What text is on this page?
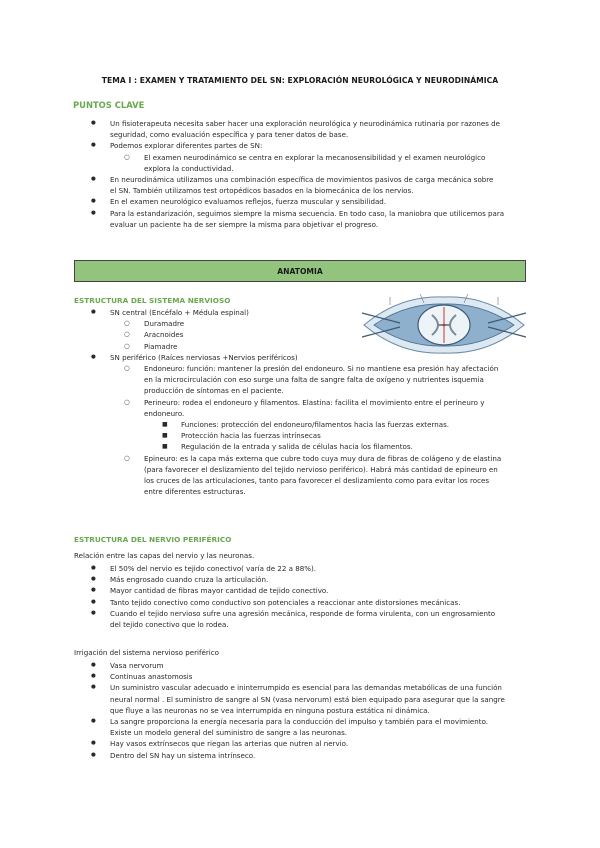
TEMA I : EXAMEN Y TRATAMIENTO DEL SN: EXPLORACIÓN NEUROLÓGICA Y NEURODINÁMICA
PUNTOS CLAVE
● Un fisioterapeuta necesita saber hacer una exploración neurológica y neurodinámica rutinaria por razones de
seguridad, como evaluación específica y para tener datos de base.
● Podemos explorar diferentes partes de SN:
○ El examen neurodinámico se centra en explorar la mecanosensibilidad y el examen neurológico
explora la conductividad.
● En neurodinámica utilizamos una combinación específica de movimientos pasivos de carga mecánica sobre
el SN. También utilizamos test ortopédicos basados en la biomecánica de los nervios.
● En el examen neurológico evaluamos reflejos, fuerza muscular y sensibilidad.
● Para la estandarización, seguimos siempre la misma secuencia. En todo caso, la maniobra que utilicemos para
evaluar un paciente ha de ser siempre la misma para objetivar el progreso.
ANATOMIA
ESTRUCTURA DEL SISTEMA NERVIOSO
● SN central (Encéfalo + Médula espinal)
○ Duramadre
○ Aracnoides
○ Piamadre
● SN periférico (Raíces nerviosas +Nervios periféricos)
○ Endoneuro: función: mantener la presión del endoneuro. Si no mantiene esa presión hay afectación
en la microcirculación con eso surge una falta de sangre falta de oxígeno y nutrientes isquemia
producción de síntomas en el paciente.
○ Perineuro: rodea el endoneuro y filamentos. Elastina: facilita el movimiento entre el perineuro y
endoneuro.
■ Funciones: protección del endoneuro/filamentos hacia las fuerzas externas.
■ Protección hacia las fuerzas intrínsecas
■ Regulación de la entrada y salida de células hacia los filamentos.
○ Epineuro: es la capa más externa que cubre todo cuya muy dura de fibras de colágeno y de elastina
(para favorecer el deslizamiento del tejido nervioso periférico). Habrá más cantidad de epineuro en
los cruces de las articulaciones, tanto para favorecer el deslizamiento como para evitar los roces
entre diferentes estructuras.
ESTRUCTURA DEL NERVIO PERIFÉRICO
Relación entre las capas del nervio y las neuronas.
● El 50% del nervio es tejido conectivo( varía de 22 a 88%).
● Más engrosado cuando cruza la articulación.
● Mayor cantidad de fibras mayor cantidad de tejido conectivo.
● Tanto tejido conectivo como conductivo son potenciales a reaccionar ante distorsiones mecánicas.
● Cuando el tejido nervioso sufre una agresión mecánica, responde de forma virulenta, con un engrosamiento
del tejido conectivo que lo rodea.
Irrigación del sistema nervioso periférico
● Vasa nervorum
● Continuas anastomosis
● Un suministro vascular adecuado e ininterrumpido es esencial para las demandas metabólicas de una función
neural normal . El suministro de sangre al SN (vasa nervorum) está bien equipado para asegurar que la sangre
que fluye a las neuronas no se vea interrumpida en ninguna postura estática ni dinámica.
● La sangre proporciona la energía necesaria para la conducción del impulso y también para el movimiento.
Existe un modelo general del suministro de sangre a las neuronas.
● Hay vasos extrínsecos que riegan las arterias que nutren al nervio.
● Dentro del SN hay un sistema intrínseco.
